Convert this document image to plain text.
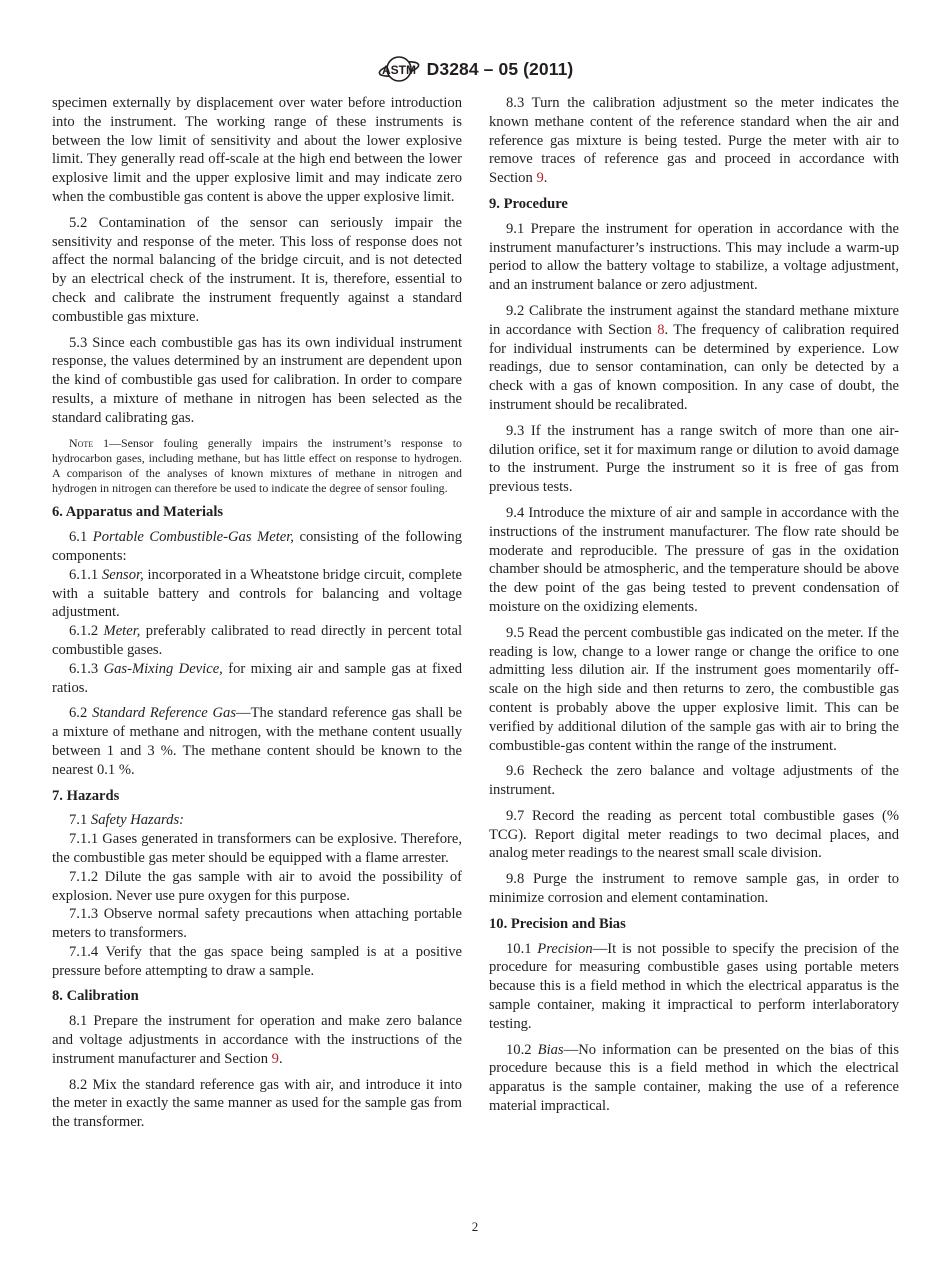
ASTM D3284 – 05 (2011)

specimen externally by displacement over water before introduction into the instrument. The working range of these instruments is between the low limit of sensitivity and about the lower explosive limit. They generally read off-scale at the high end between the lower explosive limit and the upper explosive limit and may indicate zero when the combustible gas content is above the upper explosive limit.

5.2 Contamination of the sensor can seriously impair the sensitivity and response of the meter. This loss of response does not affect the normal balancing of the bridge circuit, and is not detected by an electrical check of the instrument. It is, therefore, essential to check and calibrate the instrument frequently against a standard combustible gas mixture.

5.3 Since each combustible gas has its own individual instrument response, the values determined by an instrument are dependent upon the kind of combustible gas used for calibration. In order to compare results, a mixture of methane in nitrogen has been selected as the standard calibrating gas.

Note 1—Sensor fouling generally impairs the instrument’s response to hydrocarbon gases, including methane, but has little effect on response to hydrogen. A comparison of the analyses of known mixtures of methane in nitrogen and hydrogen in nitrogen can therefore be used to indicate the degree of sensor fouling.

6. Apparatus and Materials

6.1 Portable Combustible-Gas Meter, consisting of the following components:

6.1.1 Sensor, incorporated in a Wheatstone bridge circuit, complete with a suitable battery and controls for balancing and voltage adjustment.

6.1.2 Meter, preferably calibrated to read directly in percent total combustible gases.

6.1.3 Gas-Mixing Device, for mixing air and sample gas at fixed ratios.

6.2 Standard Reference Gas—The standard reference gas shall be a mixture of methane and nitrogen, with the methane content usually between 1 and 3 %. The methane content should be known to the nearest 0.1 %.

7. Hazards

7.1 Safety Hazards:

7.1.1 Gases generated in transformers can be explosive. Therefore, the combustible gas meter should be equipped with a flame arrester.

7.1.2 Dilute the gas sample with air to avoid the possibility of explosion. Never use pure oxygen for this purpose.

7.1.3 Observe normal safety precautions when attaching portable meters to transformers.

7.1.4 Verify that the gas space being sampled is at a positive pressure before attempting to draw a sample.

8. Calibration

8.1 Prepare the instrument for operation and make zero balance and voltage adjustments in accordance with the instructions of the instrument manufacturer and Section 9.

8.2 Mix the standard reference gas with air, and introduce it into the meter in exactly the same manner as used for the sample gas from the transformer.

8.3 Turn the calibration adjustment so the meter indicates the known methane content of the reference standard when the air and reference gas mixture is being tested. Purge the meter with air to remove traces of reference gas and proceed in accordance with Section 9.

9. Procedure

9.1 Prepare the instrument for operation in accordance with the instrument manufacturer’s instructions. This may include a warm-up period to allow the battery voltage to stabilize, a voltage adjustment, and an instrument balance or zero adjustment.

9.2 Calibrate the instrument against the standard methane mixture in accordance with Section 8. The frequency of calibration required for individual instruments can be determined by experience. Low readings, due to sensor contamination, can only be detected by a check with a gas of known composition. In any case of doubt, the instrument should be recalibrated.

9.3 If the instrument has a range switch of more than one air-dilution orifice, set it for maximum range or dilution to avoid damage to the instrument. Purge the instrument so it is free of gas from previous tests.

9.4 Introduce the mixture of air and sample in accordance with the instructions of the instrument manufacturer. The flow rate should be moderate and reproducible. The pressure of gas in the oxidation chamber should be atmospheric, and the temperature should be above the dew point of the gas being tested to prevent condensation of moisture on the oxidizing elements.

9.5 Read the percent combustible gas indicated on the meter. If the reading is low, change to a lower range or change the orifice to one admitting less dilution air. If the instrument goes momentarily off-scale on the high side and then returns to zero, the combustible gas content is probably above the upper explosive limit. This can be verified by additional dilution of the sample gas with air to bring the combustible-gas content within the range of the instrument.

9.6 Recheck the zero balance and voltage adjustments of the instrument.

9.7 Record the reading as percent total combustible gases (% TCG). Report digital meter readings to two decimal places, and analog meter readings to the nearest small scale division.

9.8 Purge the instrument to remove sample gas, in order to minimize corrosion and element contamination.

10. Precision and Bias

10.1 Precision—It is not possible to specify the precision of the procedure for measuring combustible gases using portable meters because this is a field method in which the electrical apparatus is the sample container, making it impractical to perform interlaboratory testing.

10.2 Bias—No information can be presented on the bias of this procedure because this is a field method in which the electrical apparatus is the sample container, making the use of a reference material impractical.

2
